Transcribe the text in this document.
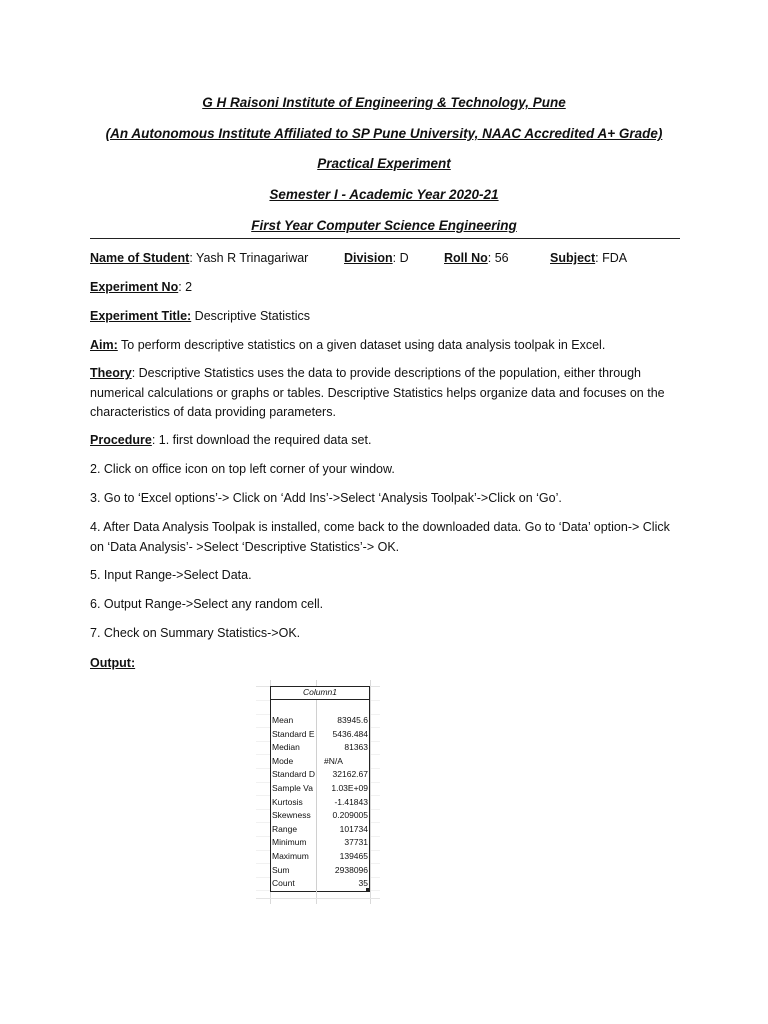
G H Raisoni Institute of Engineering & Technology, Pune
(An Autonomous Institute Affiliated to SP Pune University, NAAC Accredited A+ Grade)
Practical Experiment
Semester I - Academic Year 2020-21
First Year Computer Science Engineering
Name of Student: Yash R Trinagariwar	Division: D	Roll No: 56	Subject: FDA
Experiment No: 2
Experiment Title: Descriptive Statistics
Aim: To perform descriptive statistics on a given dataset using data analysis toolpak in Excel.

Theory: Descriptive Statistics uses the data to provide descriptions of the population, either through numerical calculations or graphs or tables. Descriptive Statistics helps organize data and focuses on the characteristics of data providing parameters.

Procedure: 1. first download the required data set.
2. Click on office icon on top left corner of your window.
3. Go to ‘Excel options’-> Click on ‘Add Ins’->Select ‘Analysis Toolpak’->Click on ‘Go’.

4. After Data Analysis Toolpak is installed, come back to the downloaded data. Go to ‘Data’ option-> Click on ‘Data Analysis’- >Select ‘Descriptive Statistics’-> OK.

5. Input Range->Select Data.
6. Output Range->Select any random cell.
7. Check on Summary Statistics->OK.
Output:
Column1
Mean	83945.6
Standard E 5436.484
Median	81363
Mode	#N/A
Standard D 32162.67
Sample Va	1.03E+09
Kurtosis	-1.41843
Skewness	0.209005
Range	101734
Minimum	37731
Maximum	139465
Sum	2938096
Count	35
